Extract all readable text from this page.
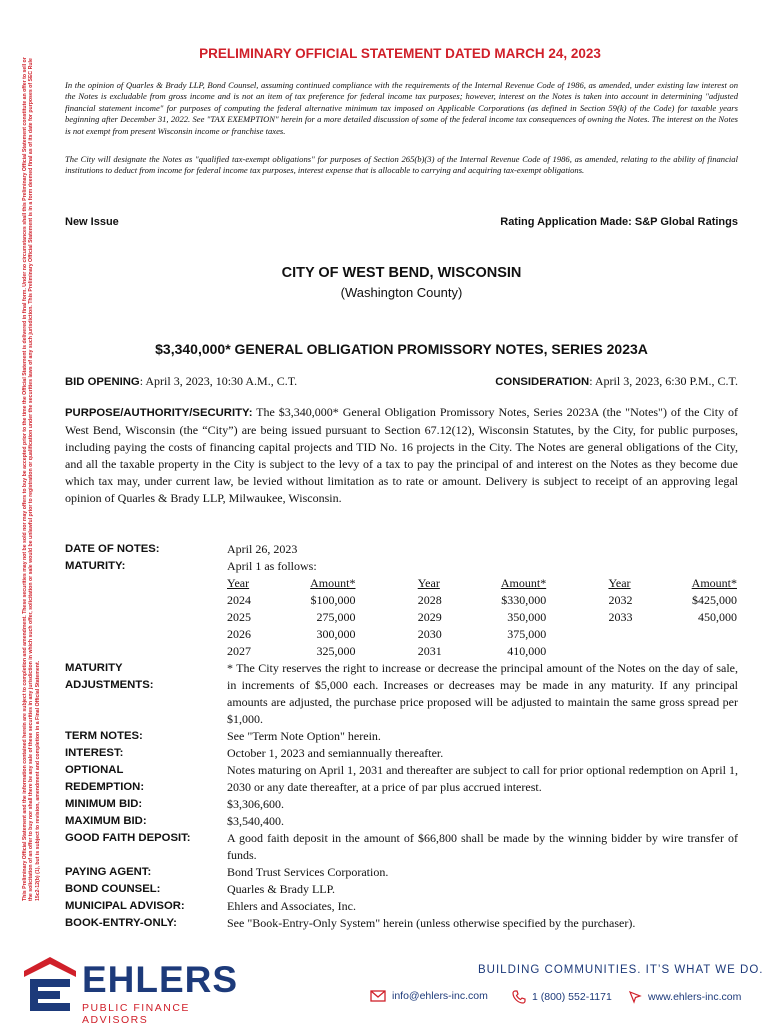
This Preliminary Official Statement and the information contained herein are subject to completion and amendment. These securities may not be sold nor may offers to buy be accepted prior to the time the Official Statement is delivered in final form. Under no circumstances shall this Preliminary Official Statement constitute an offer to sell or the solicitation of an offer to buy nor shall there be any sale of these securities in any jurisdiction in which such offer, solicitation or sale would be unlawful prior to registration or qualification under the securities laws of any such jurisdiction. This Preliminary Official Statement is in a form deemed final as of its date for purposes of SEC Rule 15c2-12(b) (1), but is subject to revision, amendment and completion in a Final Official Statement.
PRELIMINARY OFFICIAL STATEMENT DATED MARCH 24, 2023
In the opinion of Quarles & Brady LLP, Bond Counsel, assuming continued compliance with the requirements of the Internal Revenue Code of 1986, as amended, under existing law interest on the Notes is excludable from gross income and is not an item of tax preference for federal income tax purposes; however, interest on the Notes is taken into account in determining "adjusted financial statement income" for purposes of computing the federal alternative minimum tax imposed on Applicable Corporations (as defined in Section 59(k) of the Code) for taxable years beginning after December 31, 2022. See "TAX EXEMPTION" herein for a more detailed discussion of some of the federal income tax consequences of owning the Notes. The interest on the Notes is not exempt from present Wisconsin income or franchise taxes.
The City will designate the Notes as "qualified tax-exempt obligations" for purposes of Section 265(b)(3) of the Internal Revenue Code of 1986, as amended, relating to the ability of financial institutions to deduct from income for federal income tax purposes, interest expense that is allocable to carrying and acquiring tax-exempt obligations.
New Issue	Rating Application Made: S&P Global Ratings
CITY OF WEST BEND, WISCONSIN
(Washington County)
$3,340,000* GENERAL OBLIGATION PROMISSORY NOTES, SERIES 2023A
BID OPENING: April 3, 2023, 10:30 A.M., C.T.	CONSIDERATION: April 3, 2023, 6:30 P.M., C.T.
PURPOSE/AUTHORITY/SECURITY: The $3,340,000* General Obligation Promissory Notes, Series 2023A (the "Notes") of the City of West Bend, Wisconsin (the “City”) are being issued pursuant to Section 67.12(12), Wisconsin Statutes, by the City, for public purposes, including paying the costs of financing capital projects and TID No. 16 projects in the City. The Notes are general obligations of the City, and all the taxable property in the City is subject to the levy of a tax to pay the principal of and interest on the Notes as they become due which tax may, under current law, be levied without limitation as to rate or amount. Delivery is subject to receipt of an approving legal opinion of Quarles & Brady LLP, Milwaukee, Wisconsin.
DATE OF NOTES:	April 26, 2023
MATURITY:	April 1 as follows:
Year	Amount*		Year	Amount*		Year	Amount*
2024	$100,000		2028	$330,000		2032	$425,000
2025	275,000		2029	350,000		2033	450,000
2026	300,000		2030	375,000			
2027	325,000		2031	410,000			
MATURITY
ADJUSTMENTS:
* The City reserves the right to increase or decrease the principal amount of the Notes on the day of sale, in increments of $5,000 each. Increases or decreases may be made in any maturity. If any principal amounts are adjusted, the purchase price proposed will be adjusted to maintain the same gross spread per $1,000.
TERM NOTES:	See "Term Note Option" herein.
INTEREST:	October 1, 2023 and semiannually thereafter.
OPTIONAL
REDEMPTION:
Notes maturing on April 1, 2031 and thereafter are subject to call for prior optional redemption on April 1, 2030 or any date thereafter, at a price of par plus accrued interest.
MINIMUM BID:	$3,306,600.
MAXIMUM BID:	$3,540,400.
GOOD FAITH DEPOSIT:	A good faith deposit in the amount of $66,800 shall be made by the winning bidder by wire transfer of funds.
PAYING AGENT:	Bond Trust Services Corporation.
BOND COUNSEL:	Quarles & Brady LLP.
MUNICIPAL ADVISOR:	Ehlers and Associates, Inc.
BOOK-ENTRY-ONLY:	See "Book-Entry-Only System" herein (unless otherwise specified by the purchaser).
EHLERS
PUBLIC FINANCE ADVISORS
BUILDING COMMUNITIES. IT’S WHAT WE DO.
info@ehlers-inc.com	1 (800) 552-1171	www.ehlers-inc.com
